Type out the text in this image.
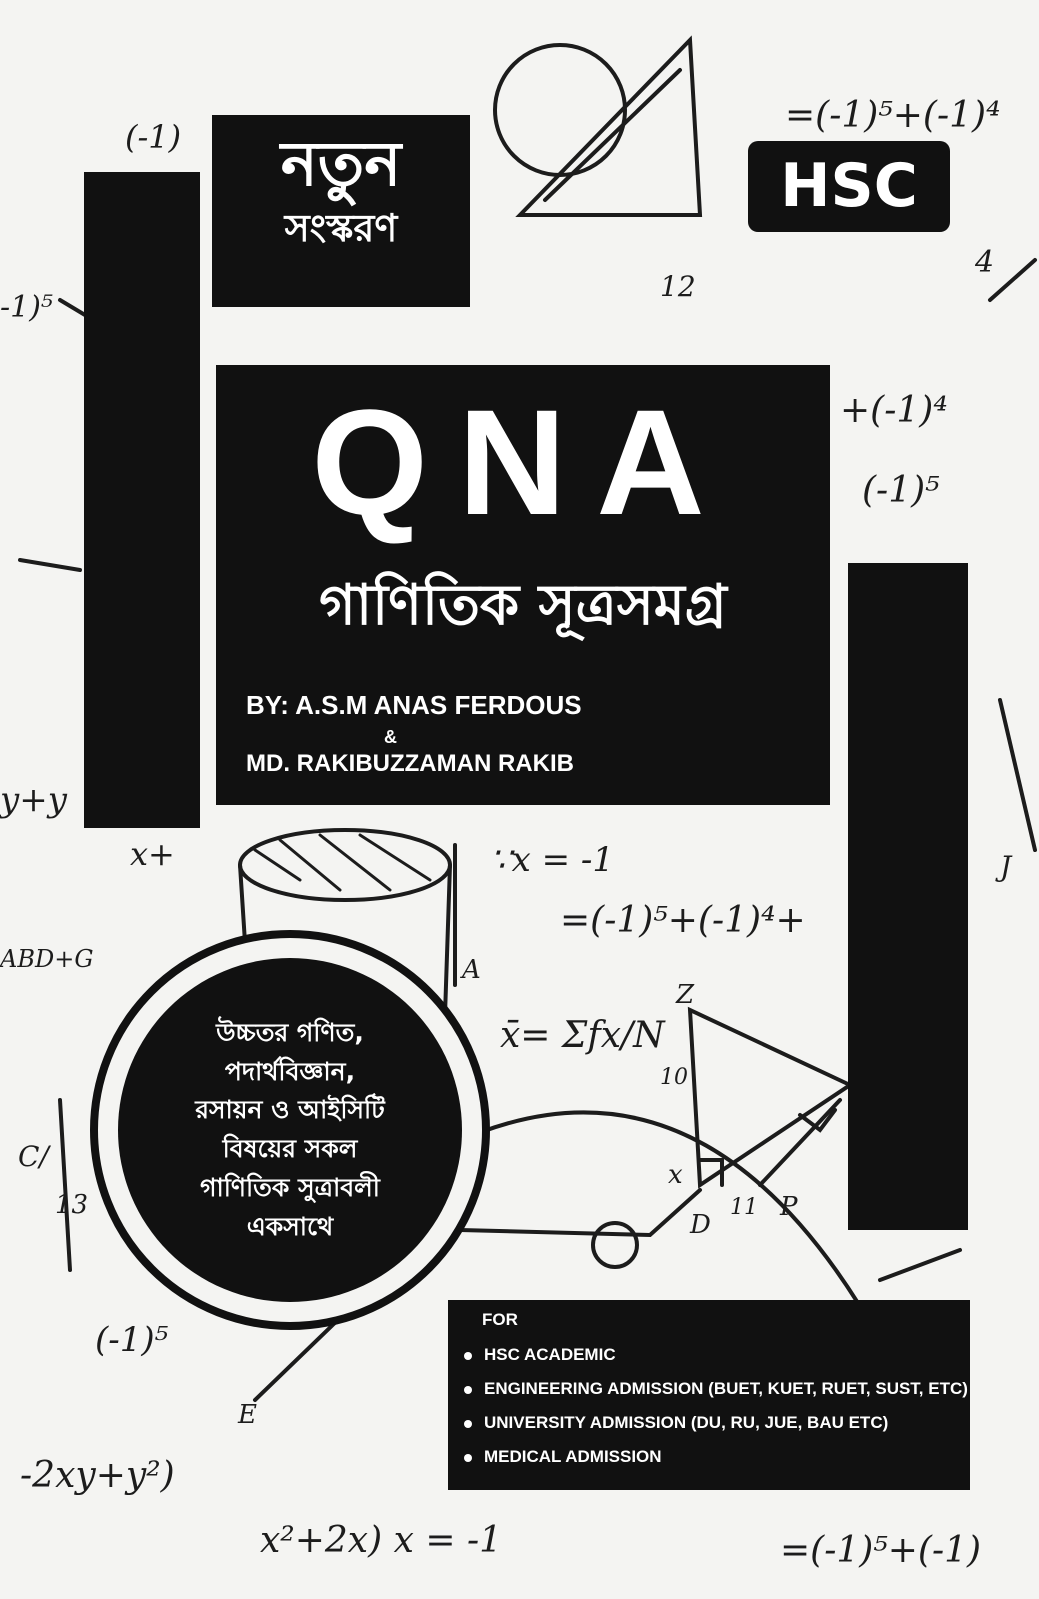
=(-1)⁵+(-1)⁴
+(-1)⁴
(-1)⁵
∵x = -1
=(-1)⁵+(-1)⁴+
x̄= Σfx/N
(-1)
-1)⁵
y+y
x+
ABD+G
(-1)⁵
-2xy+y²)
x²+2x) x = -1	=(-1)⁵+(-1)
A
Z
10
x
11 P
D
E
4
12
13
C/
J
নতুন
সংস্করণ
HSC
QNA
গাণিতিক সূত্রসমগ্র
BY: A.S.M ANAS FERDOUS
&
MD. RAKIBUZZAMAN RAKIB
উচ্চতর গণিত,
পদার্থবিজ্ঞান,
রসায়ন ও আইসিটি
বিষয়ের সকল
গাণিতিক সুত্রাবলী
একসাথে
FOR
HSC ACADEMIC
ENGINEERING ADMISSION (BUET, KUET, RUET, SUST, ETC)
UNIVERSITY ADMISSION (DU, RU, JUE, BAU ETC)
MEDICAL ADMISSION
